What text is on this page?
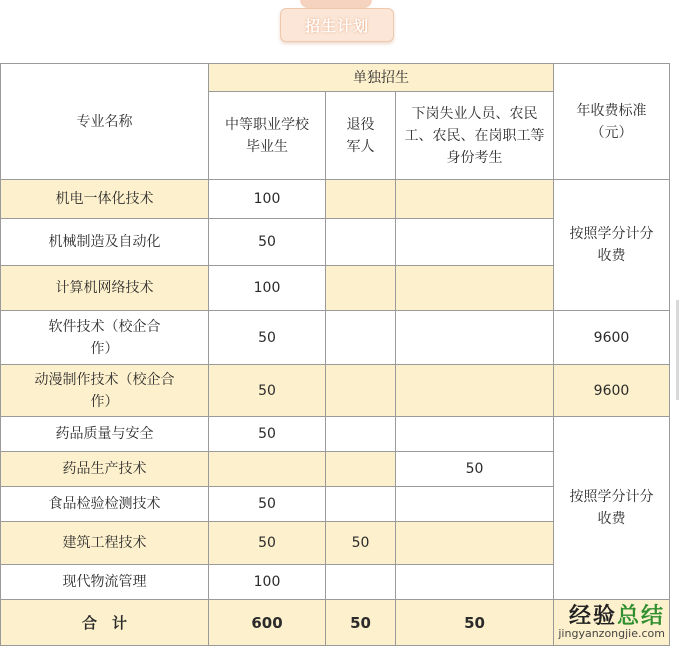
招生计划
专业名称	单独招生			年收费标准（元）

	中等职业学校毕业生	退役军人	下岗失业人员、农民工、农民、在岗职工等身份考生	

机电一体化技术	100			按照学分计分收费

机械制造及自动化	50			
计算机网络技术	100			

软件技术（校企合作）	50			9600

动漫制作技术（校企合作）	50			9600
药品质量与安全	50			按照学分计分收费

药品生产技术			50	
食品检验检测技术	50			
建筑工程技术	50	50		
现代物流管理	100			
合　计	600	50	50		经验总结
jingyanzongjie.com
